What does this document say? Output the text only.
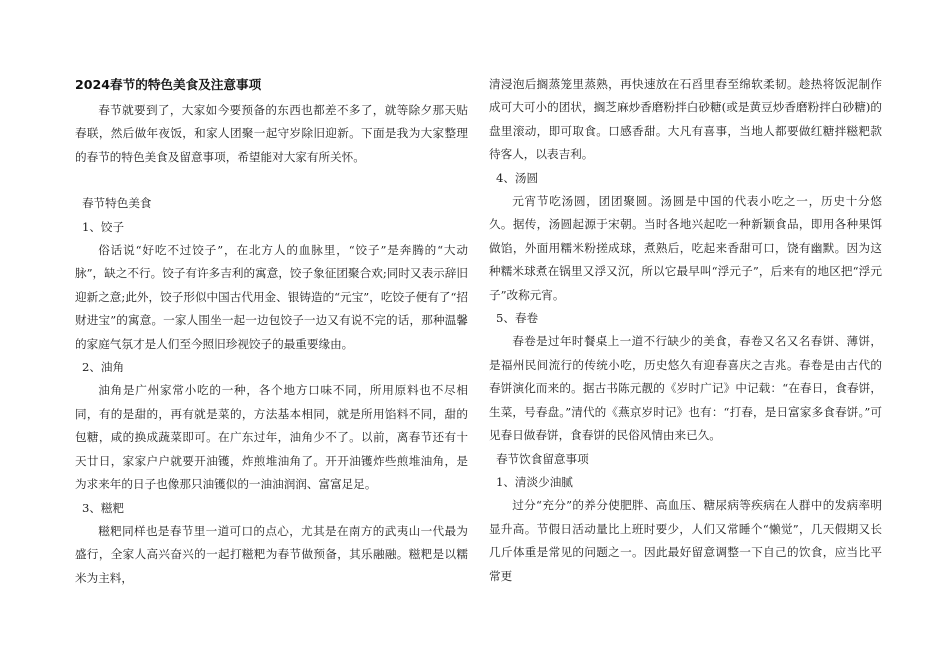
2024春节的特色美食及注意事项

春节就要到了，大家如今要预备的东西也都差不多了，就等除夕那天贴春联，然后做年夜饭，和家人团聚一起守岁除旧迎新。下面是我为大家整理的春节的特色美食及留意事项，希望能对大家有所关怀。

春节特色美食

1、饺子

俗话说“好吃不过饺子”，在北方人的血脉里，“饺子”是奔腾的“大动脉”，缺之不行。饺子有许多吉利的寓意，饺子象征团聚合欢;同时又表示辞旧迎新之意;此外，饺子形似中国古代用金、银铸造的“元宝”，吃饺子便有了“招财进宝”的寓意。一家人围坐一起一边包饺子一边又有说不完的话，那种温馨的家庭气氛才是人们至今照旧珍视饺子的最重要缘由。

2、油角

油角是广州家常小吃的一种，各个地方口味不同，所用原料也不尽相同，有的是甜的，再有就是菜的，方法基本相同，就是所用馅料不同，甜的包糖，咸的换成蔬菜即可。在广东过年，油角少不了。以前，离春节还有十天廿日，家家户户就要开油镬，炸煎堆油角了。开开油镬炸些煎堆油角，是为求来年的日子也像那只油镬似的一油油润润、富富足足。

3、糍粑

糍粑同样也是春节里一道可口的点心，尤其是在南方的武夷山一代最为盛行，全家人高兴奋兴的一起打糍粑为春节做预备，其乐融融。糍粑是以糯米为主料，

清浸泡后搁蒸笼里蒸熟，再快速放在石舀里舂至绵软柔韧。趁热将饭泥制作成可大可小的团状，搁芝麻炒香磨粉拌白砂糖(或是黄豆炒香磨粉拌白砂糖)的盘里滚动，即可取食。口感香甜。大凡有喜事，当地人都要做红糖拌糍粑款待客人，以表吉利。

4、汤圆

元宵节吃汤圆，团团聚圆。汤圆是中国的代表小吃之一，历史十分悠久。据传，汤圆起源于宋朝。当时各地兴起吃一种新颖食品，即用各种果饵做馅，外面用糯米粉搓成球，煮熟后，吃起来香甜可口，饶有幽默。因为这种糯米球煮在锅里又浮又沉，所以它最早叫“浮元子”，后来有的地区把“浮元子”改称元宵。

5、春卷

春卷是过年时餐桌上一道不行缺少的美食，春卷又名又名春饼、薄饼，是福州民间流行的传统小吃，历史悠久有迎春喜庆之吉兆。春卷是由古代的春饼演化而来的。据古书陈元靓的《岁时广记》中记载：“在春日，食春饼，生菜，号春盘。”清代的《燕京岁时记》也有：“打春，是日富家多食春饼。”可见春日做春饼，食春饼的民俗风情由来已久。

春节饮食留意事项

1、清淡少油腻

过分“充分”的养分使肥胖、高血压、糖尿病等疾病在人群中的发病率明显升高。节假日活动量比上班时要少，人们又常睡个“懒觉”，几天假期又长几斤体重是常见的问题之一。因此最好留意调整一下自己的饮食，应当比平常更
